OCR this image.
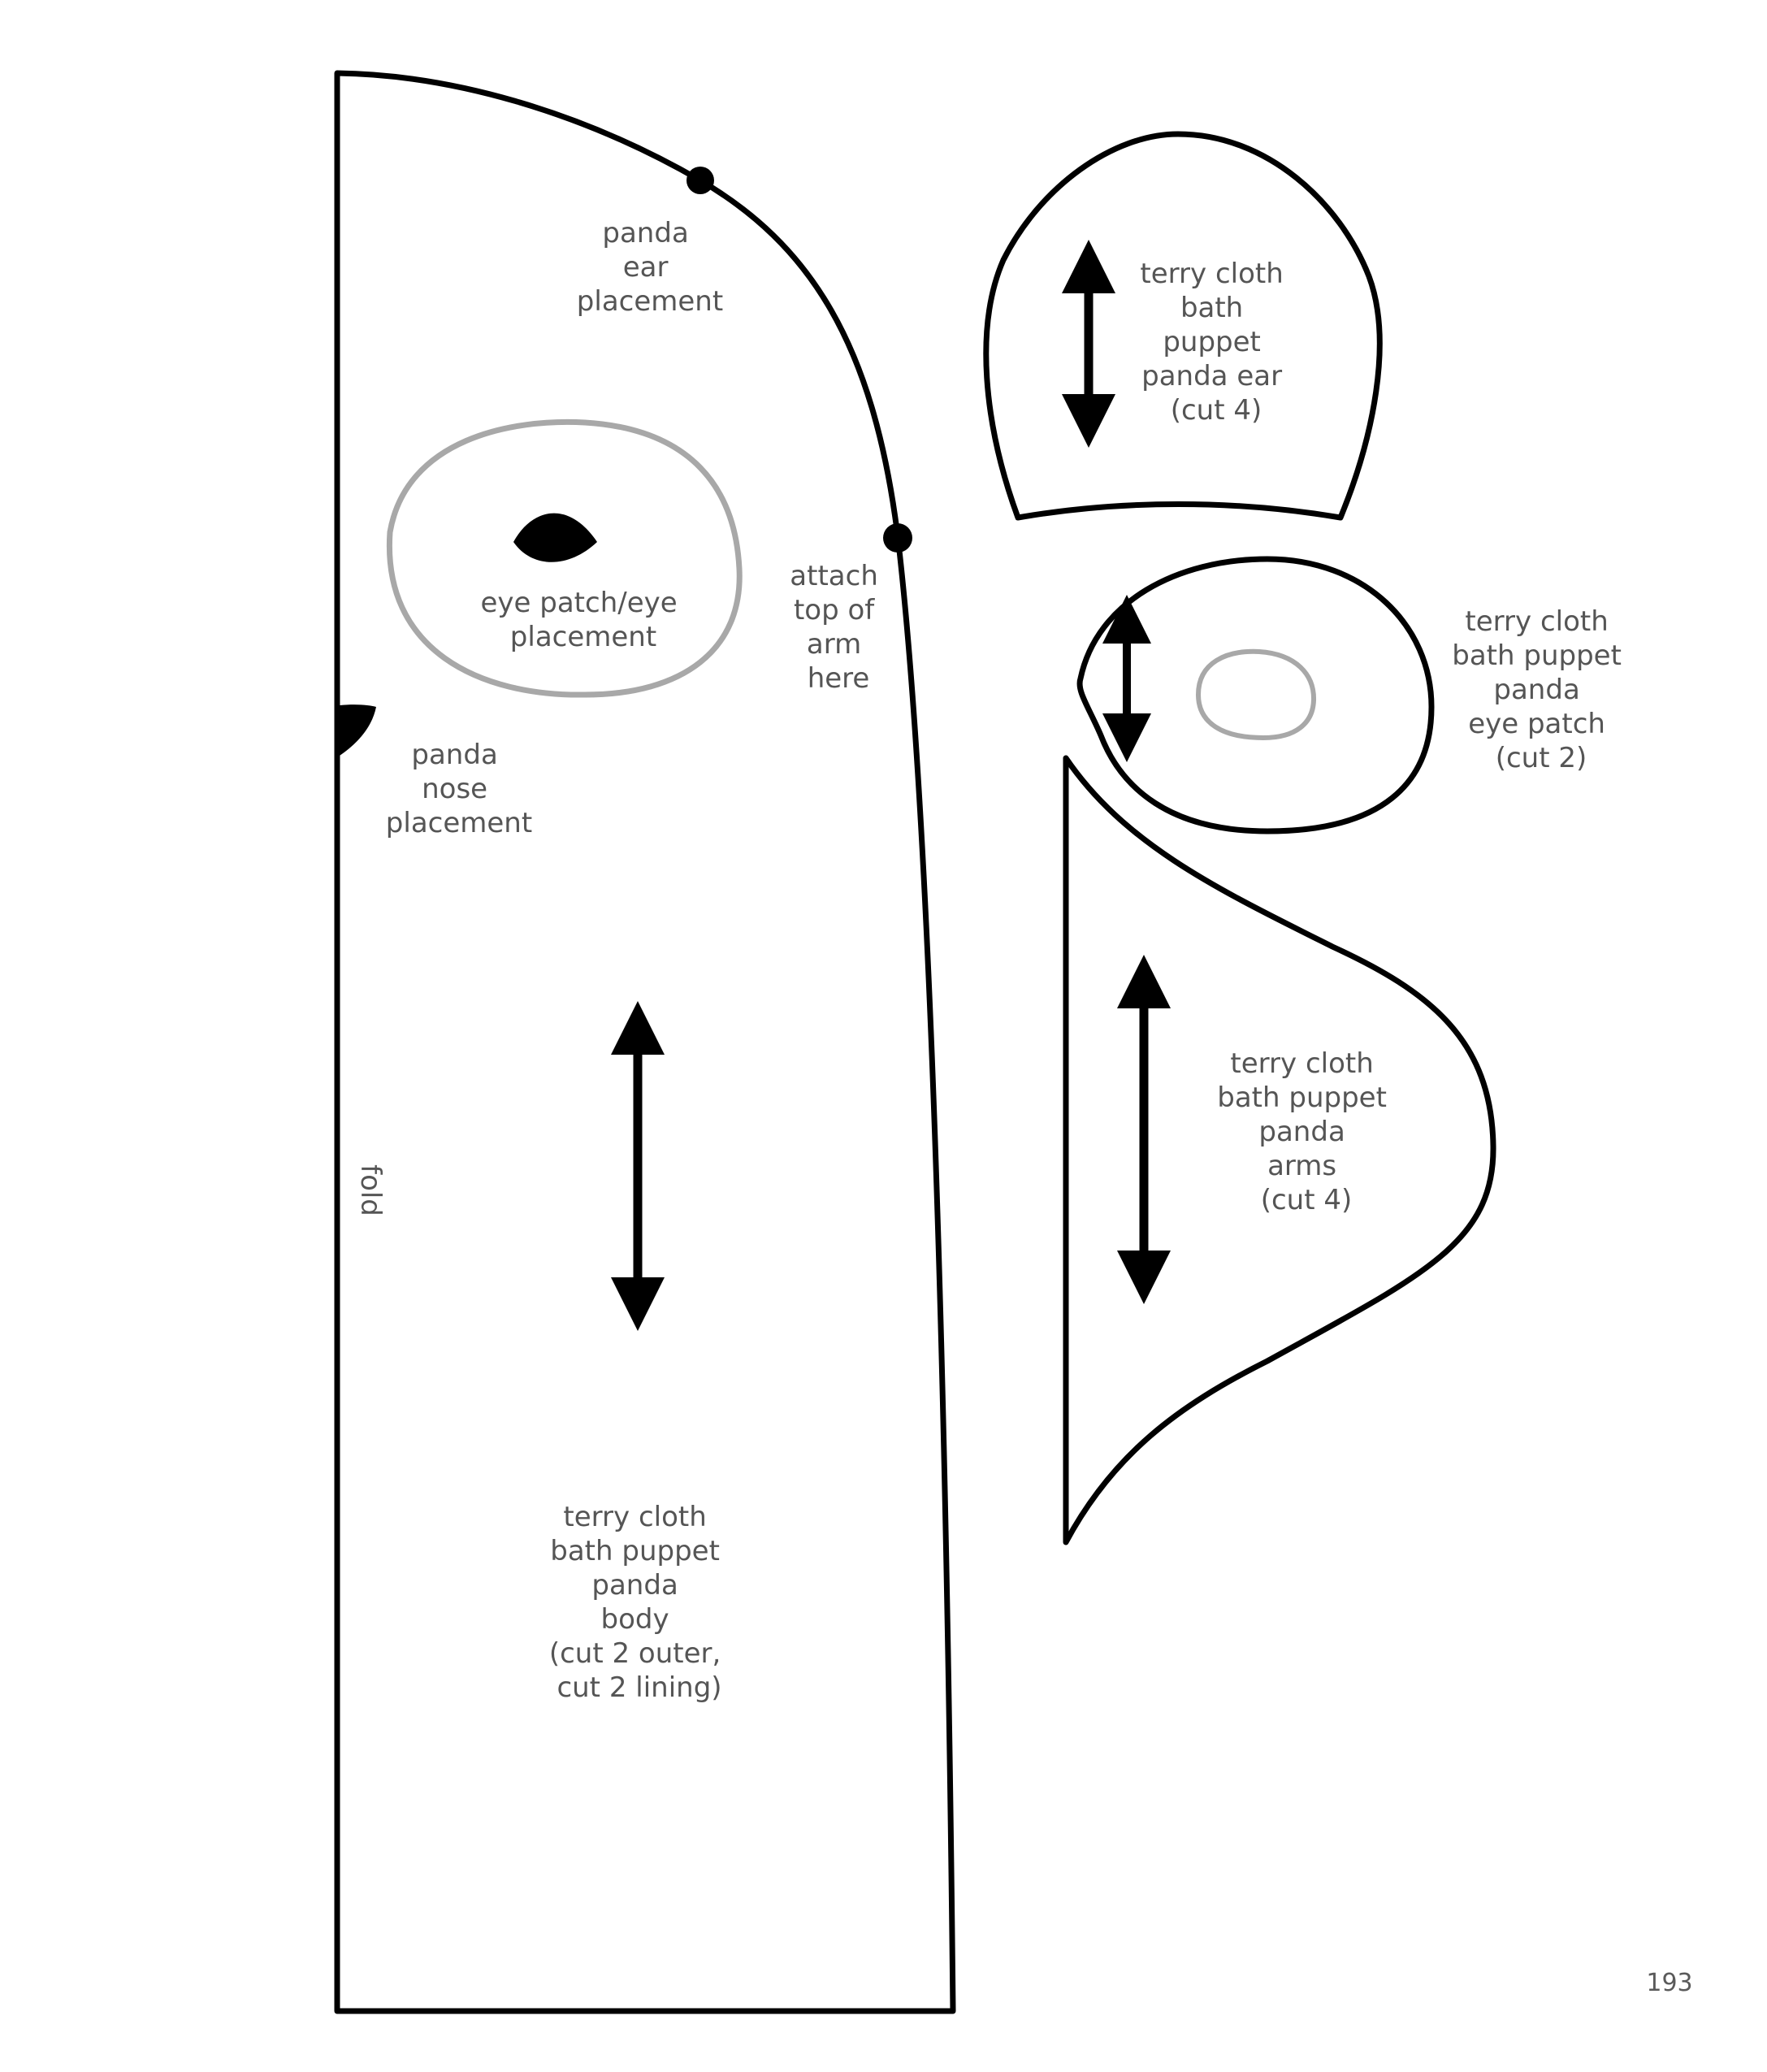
panda ear placement
eye patch/eye placement
attach top of arm here
panda nose placement
fold
terry cloth bath puppet panda body (cut 2 outer, cut 2 lining)
terry cloth bath puppet panda ear (cut 4)
terry cloth bath puppet panda eye patch (cut 2)
terry cloth bath puppet panda arms (cut 4)
193
